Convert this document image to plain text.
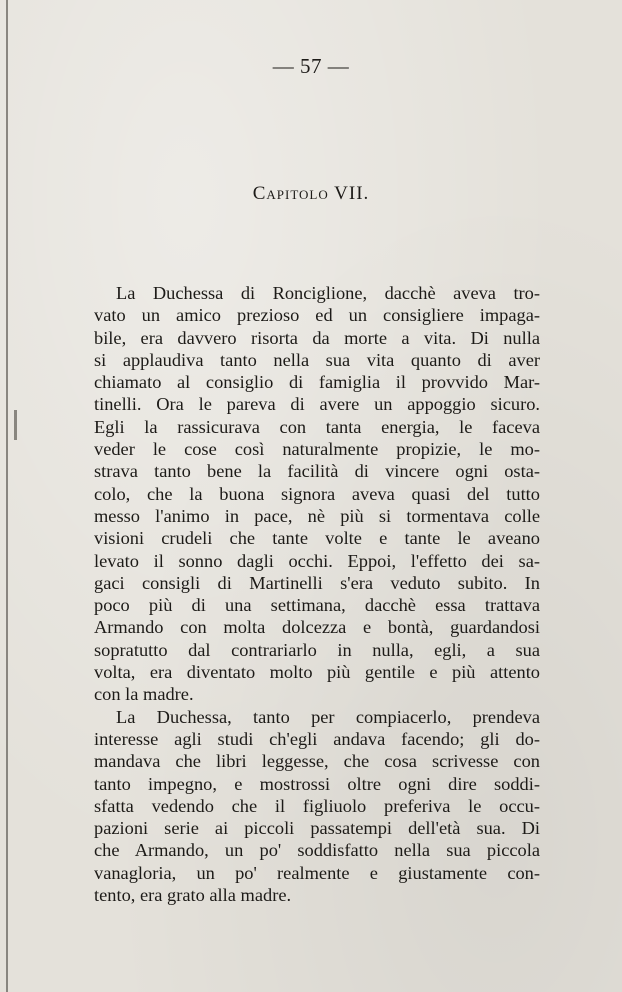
— 57 —
Capitolo VII.
La Duchessa di Ronciglione, dacchè aveva tro-
vato un amico prezioso ed un consigliere impaga-
bile, era davvero risorta da morte a vita. Di nulla
si applaudiva tanto nella sua vita quanto di aver
chiamato al consiglio di famiglia il provvido Mar-
tinelli. Ora le pareva di avere un appoggio sicuro.
Egli la rassicurava con tanta energia, le faceva
veder le cose così naturalmente propizie, le mo-
strava tanto bene la facilità di vincere ogni osta-
colo, che la buona signora aveva quasi del tutto
messo l'animo in pace, nè più si tormentava colle
visioni crudeli che tante volte e tante le aveano
levato il sonno dagli occhi. Eppoi, l'effetto dei sa-
gaci consigli di Martinelli s'era veduto subito. In
poco più di una settimana, dacchè essa trattava
Armando con molta dolcezza e bontà, guardandosi
sopratutto dal contrariarlo in nulla, egli, a sua
volta, era diventato molto più gentile e più attento
con la madre.
La Duchessa, tanto per compiacerlo, prendeva
interesse agli studi ch'egli andava facendo; gli do-
mandava che libri leggesse, che cosa scrivesse con
tanto impegno, e mostrossi oltre ogni dire soddi-
sfatta vedendo che il figliuolo preferiva le occu-
pazioni serie ai piccoli passatempi dell'età sua. Di
che Armando, un po' soddisfatto nella sua piccola
vanagloria, un po' realmente e giustamente con-
tento, era grato alla madre.
